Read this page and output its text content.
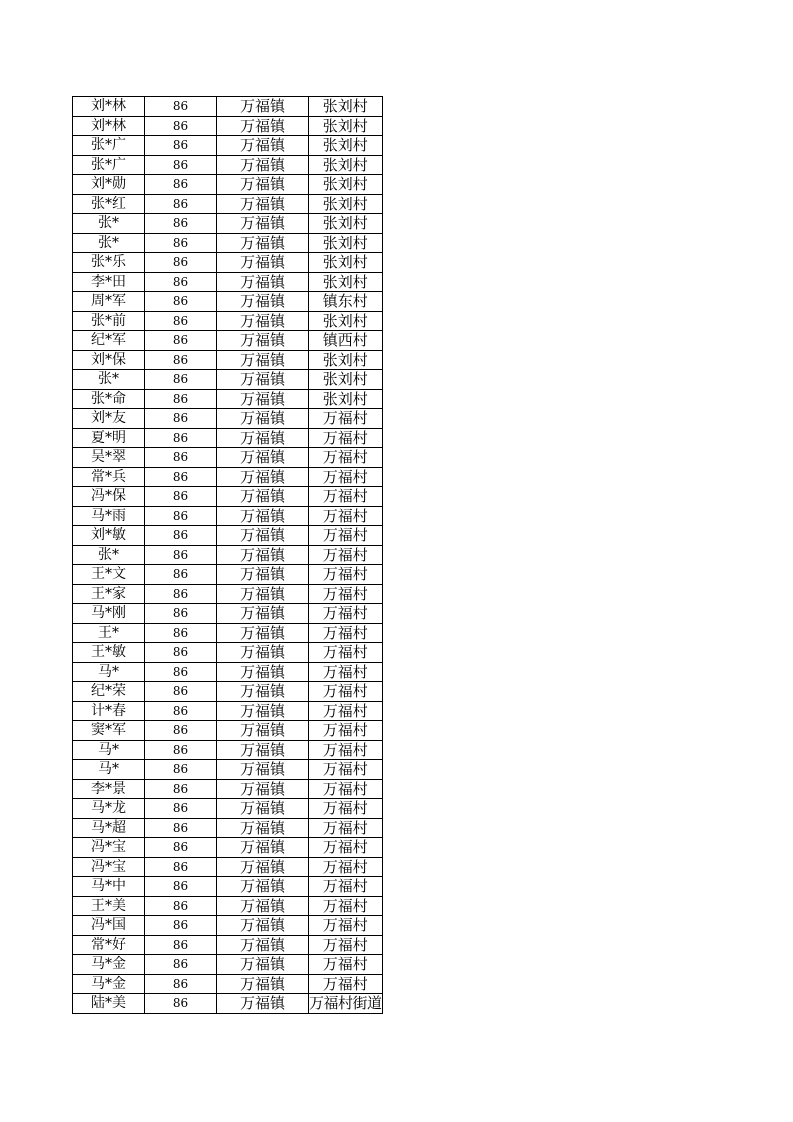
刘*林	86	万福镇	张刘村
刘*林	86	万福镇	张刘村
张*广	86	万福镇	张刘村
张*广	86	万福镇	张刘村
刘*勋	86	万福镇	张刘村
张*红	86	万福镇	张刘村
张*	86	万福镇	张刘村
张*	86	万福镇	张刘村
张*乐	86	万福镇	张刘村
李*田	86	万福镇	张刘村
周*军	86	万福镇	镇东村
张*前	86	万福镇	张刘村
纪*军	86	万福镇	镇西村
刘*保	86	万福镇	张刘村
张*	86	万福镇	张刘村
张*命	86	万福镇	张刘村
刘*友	86	万福镇	万福村
夏*明	86	万福镇	万福村
吴*翠	86	万福镇	万福村
常*兵	86	万福镇	万福村
冯*保	86	万福镇	万福村
马*雨	86	万福镇	万福村
刘*敏	86	万福镇	万福村
张*	86	万福镇	万福村
王*文	86	万福镇	万福村
王*家	86	万福镇	万福村
马*刚	86	万福镇	万福村
王*	86	万福镇	万福村
王*敏	86	万福镇	万福村
马*	86	万福镇	万福村
纪*荣	86	万福镇	万福村
计*春	86	万福镇	万福村
窦*军	86	万福镇	万福村
马*	86	万福镇	万福村
马*	86	万福镇	万福村
李*景	86	万福镇	万福村
马*龙	86	万福镇	万福村
马*超	86	万福镇	万福村
冯*宝	86	万福镇	万福村
冯*宝	86	万福镇	万福村
马*中	86	万福镇	万福村
王*美	86	万福镇	万福村
冯*国	86	万福镇	万福村
常*好	86	万福镇	万福村
马*金	86	万福镇	万福村
马*金	86	万福镇	万福村
陆*美	86	万福镇	万福村街道
